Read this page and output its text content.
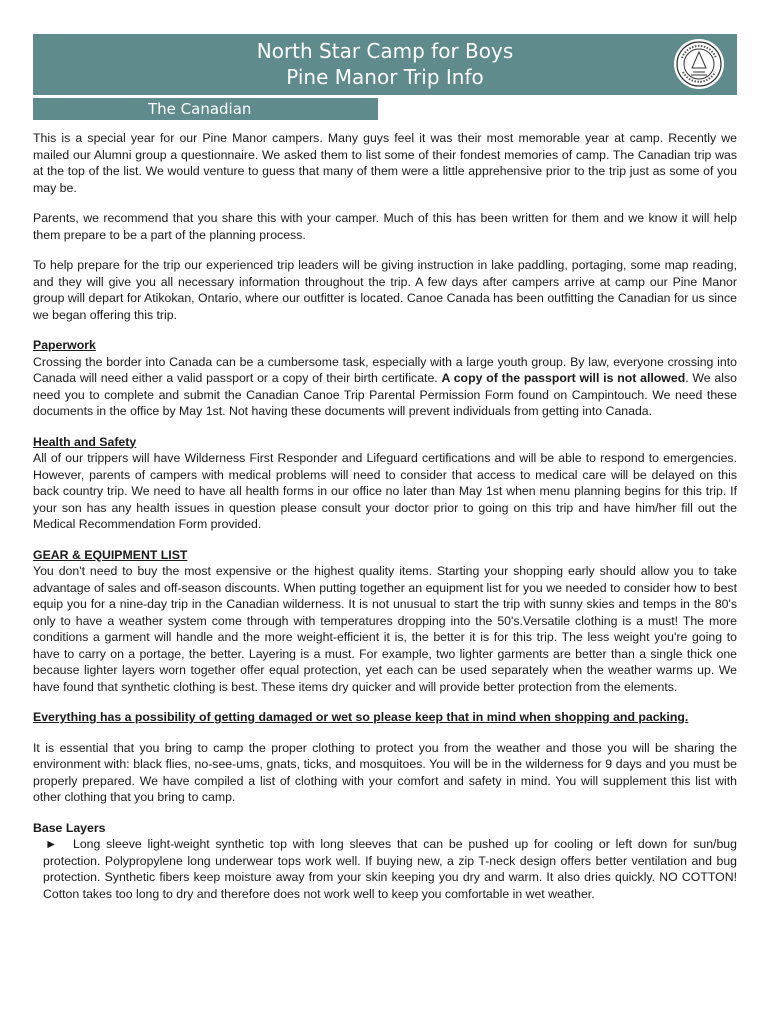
North Star Camp for Boys
Pine Manor Trip Info
The Canadian

This is a special year for our Pine Manor campers. Many guys feel it was their most memorable year at camp. Recently we mailed our Alumni group a questionnaire. We asked them to list some of their fondest memories of camp. The Canadian trip was at the top of the list. We would venture to guess that many of them were a little apprehensive prior to the trip just as some of you may be.

Parents, we recommend that you share this with your camper. Much of this has been written for them and we know it will help them prepare to be a part of the planning process.

To help prepare for the trip our experienced trip leaders will be giving instruction in lake paddling, portaging, some map reading, and they will give you all necessary information throughout the trip. A few days after campers arrive at camp our Pine Manor group will depart for Atikokan, Ontario, where our outfitter is located. Canoe Canada has been outfitting the Canadian for us since we began offering this trip.

Paperwork
Crossing the border into Canada can be a cumbersome task, especially with a large youth group. By law, everyone crossing into Canada will need either a valid passport or a copy of their birth certificate. A copy of the passport will is not allowed. We also need you to complete and submit the Canadian Canoe Trip Parental Permission Form found on Campintouch. We need these documents in the office by May 1st. Not having these documents will prevent individuals from getting into Canada.

Health and Safety
All of our trippers will have Wilderness First Responder and Lifeguard certifications and will be able to respond to emergencies. However, parents of campers with medical problems will need to consider that access to medical care will be delayed on this back country trip. We need to have all health forms in our office no later than May 1st when menu planning begins for this trip. If your son has any health issues in question please consult your doctor prior to going on this trip and have him/her fill out the Medical Recommendation Form provided.

GEAR & EQUIPMENT LIST
You don't need to buy the most expensive or the highest quality items. Starting your shopping early should allow you to take advantage of sales and off-season discounts. When putting together an equipment list for you we needed to consider how to best equip you for a nine-day trip in the Canadian wilderness. It is not unusual to start the trip with sunny skies and temps in the 80's only to have a weather system come through with temperatures dropping into the 50's.Versatile clothing is a must! The more conditions a garment will handle and the more weight-efficient it is, the better it is for this trip. The less weight you're going to have to carry on a portage, the better. Layering is a must. For example, two lighter garments are better than a single thick one because lighter layers worn together offer equal protection, yet each can be used separately when the weather warms up. We have found that synthetic clothing is best. These items dry quicker and will provide better protection from the elements.

Everything has a possibility of getting damaged or wet so please keep that in mind when shopping and packing.

It is essential that you bring to camp the proper clothing to protect you from the weather and those you will be sharing the environment with: black flies, no-see-ums, gnats, ticks, and mosquitoes. You will be in the wilderness for 9 days and you must be properly prepared. We have compiled a list of clothing with your comfort and safety in mind. You will supplement this list with other clothing that you bring to camp.

Base Layers

► Long sleeve light-weight synthetic top with long sleeves that can be pushed up for cooling or left down for sun/bug protection. Polypropylene long underwear tops work well. If buying new, a zip T-neck design offers better ventilation and bug protection. Synthetic fibers keep moisture away from your skin keeping you dry and warm. It also dries quickly. NO COTTON! Cotton takes too long to dry and therefore does not work well to keep you comfortable in wet weather.
